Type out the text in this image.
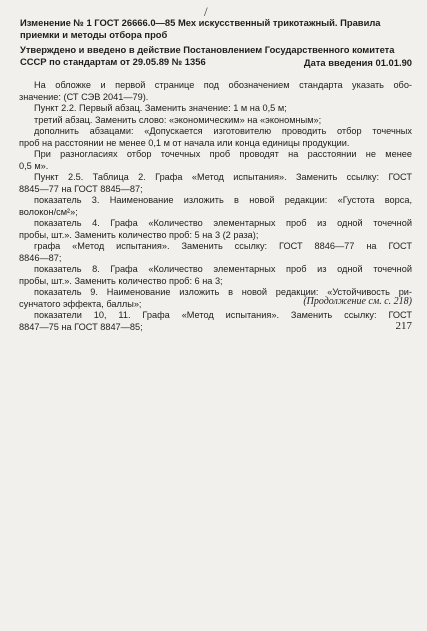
/
Изменение № 1 ГОСТ 26666.0—85 Мех искусственный трикотажный. Правила
приемки и методы отбора проб
Утверждено и введено в действие Постановлением Государственного комитета
СССР по стандартам от 29.05.89 № 1356	Дата введения 01.01.90
На обложке и первой странице под обозначением стандарта указать обо-
значение: (СТ СЭВ 2041—79).
Пункт 2.2. Первый абзац. Заменить значение: 1 м на 0,5 м;
третий абзац. Заменить слово: «экономическим» на «экономным»;
дополнить абзацами: «Допускается изготовителю проводить отбор точечных
проб на расстоянии не менее 0,1 м от начала или конца единицы продукции.
При разногласиях отбор точечных проб проводят на расстоянии не менее
0,5 м».
Пункт 2.5. Таблица 2. Графа «Метод испытания». Заменить ссылку: ГОСТ
8845—77 на ГОСТ 8845—87;
показатель 3. Наименование изложить в новой редакции: «Густота ворса,
волокон/см²»;
показатель 4. Графа «Количество элементарных проб из одной точечной
пробы, шт.». Заменить количество проб: 5 на 3 (2 раза);
графа «Метод испытания». Заменить ссылку: ГОСТ 8846—77 на ГОСТ
8846—87;
показатель 8. Графа «Количество элементарных проб из одной точечной
пробы, шт.». Заменить количество проб: 6 на 3;
показатель 9. Наименование изложить в новой редакции: «Устойчивость ри-
сунчатого эффекта, баллы»;
показатели 10, 11. Графа «Метод испытания». Заменить ссылку: ГОСТ
8847—75 на ГОСТ 8847—85;
(Продолжение см. с. 218)
217
